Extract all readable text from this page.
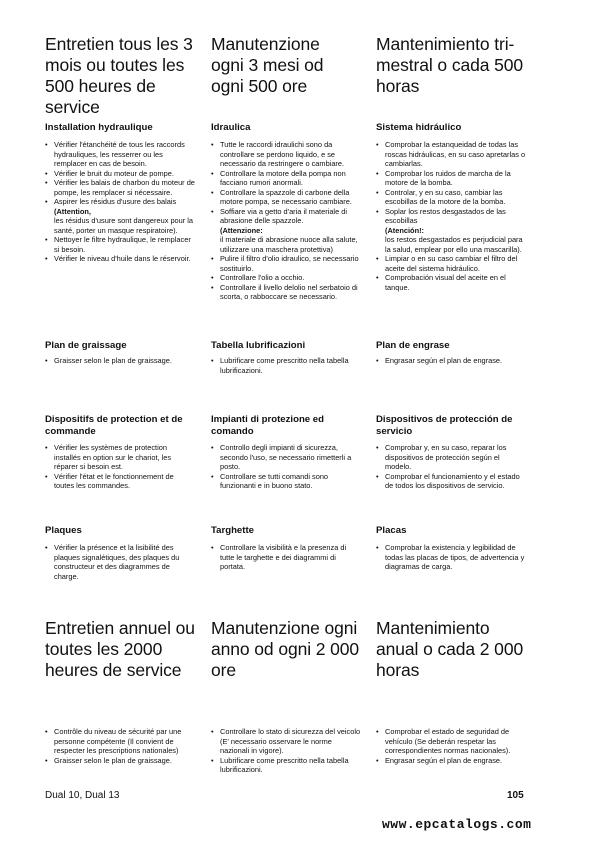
Entretien tous les 3 mois ou toutes les 500 heures de service
Manutenzione ogni 3 mesi od ogni 500 ore
Mantenimiento tri-mestral o cada 500 horas
Installation hydraulique	Idraulica	Sistema hidráulico
• Vérifier l'étanchéité de tous les raccords hydrauliques, les resserrer ou les remplacer en cas de besoin.
• Vérifier le bruit du moteur de pompe.
• Vérifier les balais de charbon du moteur de pompe, les remplacer si nécessaire.
• Aspirer les résidus d'usure des balais
(Attention,
les résidus d'usure sont dangereux pour la santé, porter un masque respiratoire).
• Nettoyer le filtre hydraulique, le remplacer si besoin.
• Vérifier le niveau d'huile dans le réservoir.
• Tutte le raccordi idraulichi sono da controllare se perdono liquido, e se necessario da restringere o cambiare.
• Controllare la motore della pompa non facciano rumori anormali.
• Controllare la spazzole di carbone della motore pompa, se necessario cambiare.
• Soffiare via a getto d'aria il materiale di abrasione delle spazzole.
(Attenzione:
il materiale di abrasione nuoce alla salute, utilizzare una maschera protettiva)
• Pulire il filtro d'olio idraulico, se necessario sostituirlo.
• Controllare l'olio a occhio.
• Controllare il livello delolio nel serbatoio di scorta, o rabboccare se necessario.
• Comprobar la estanqueidad de todas las roscas hidráulicas, en su caso apretarlas o cambiarlas.
• Comprobar los ruidos de marcha de la motore de la bomba.
• Controlar, y en su caso, cambiar las escobillas de la motore de la bomba.
• Soplar los restos desgastados de las escobillas
(Atención!:
los restos desgastados es perjudicial para la salud, emplear por ello una mascarilla).
• Limpiar o en su caso cambiar el filtro del aceite del sistema hidráulico.
• Comprobación visual del aceite en el tanque.
Plan de graissage	Tabella lubrificazioni	Plan de engrase
• Graisser selon le plan de graissage.
•	Lubrificare come prescritto nella tabella lubrificazioni.
• Engrasar según el plan de engrase.
Dispositifs de protection et de commande
Impianti di protezione ed comando
Dispositivos de protección de servicio
• Vérifier les systèmes de protection installés en option sur le chariot, les réparer si besoin est.
• Vérifier l'état et le fonctionnement de toutes les commandes.
• Controllo degli impianti di sicurezza, secondo l'uso, se necessario rimetterli a posto.
• Controllare se tutti comandi sono funzionanti e in buono stato.
• Comprobar y, en su caso, reparar los dispositivos de protección según el modelo.
• Comprobar el funcionamiento y el estado de todos los dispositivos de servicio.
Plaques	Targhette	Placas
• Vérifier la présence et la lisibilité des plaques signalétiques, des plaques du constructeur et des diagrammes de charge.
• Controllare la visibilità e la presenza di tutte le targhette e dei diagrammi di portata.
• Comprobar la existencia y legibilidad de todas las placas de tipos, de advertencia y diagramas de carga.
Entretien annuel ou toutes les 2000 heures de service
Manutenzione ogni anno od ogni 2 000 ore
Mantenimiento anual o cada 2 000 horas
• Contrôle du niveau de sécurité par une personne compétente (Il convient de respecter les prescriptions nationales)
• Graisser selon le plan de graissage.
• Controllare lo stato di sicurezza del veicolo (E' necessario osservare le norme nazionali in vigore).
• Lubrificare come prescritto nella tabella lubrificazioni.
• Comprobar el estado de seguridad de vehículo (Se deberán respetar las correspondientes normas nacionales).
• Engrasar según el plan de engrase.
Dual 10, Dual 13	105
www.epcatalogs.com
